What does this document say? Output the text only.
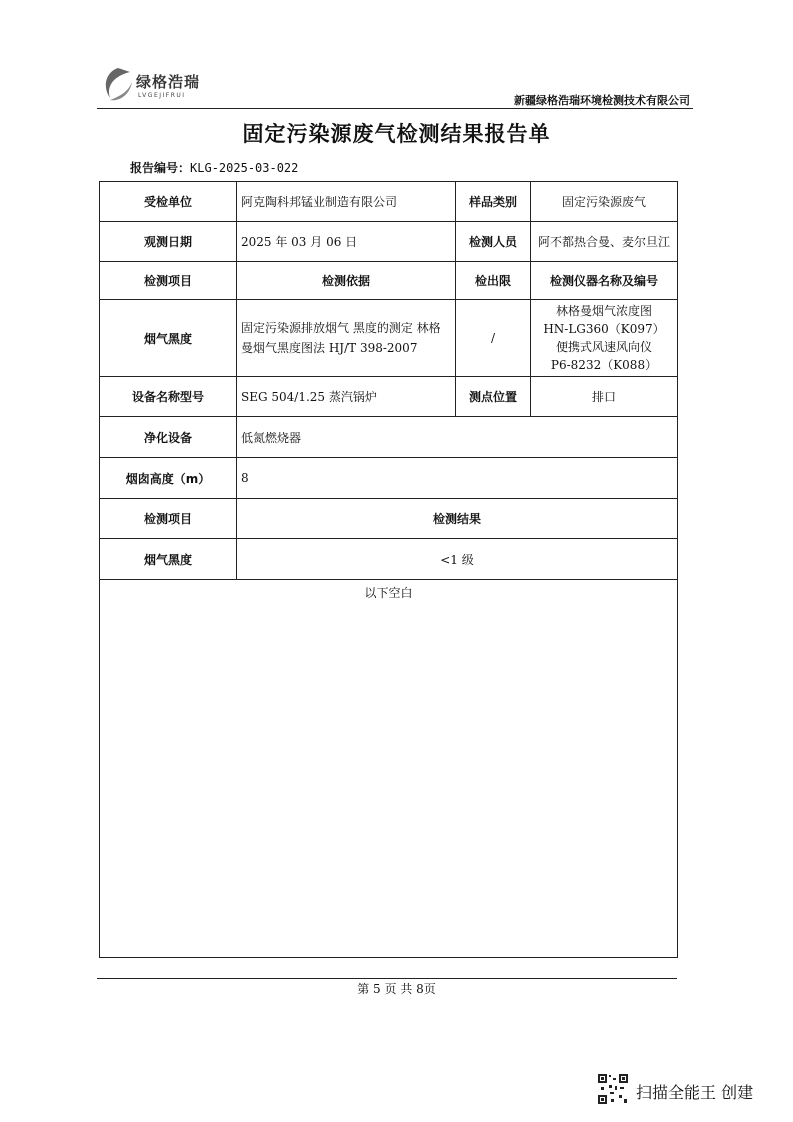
绿格浩瑞
LVGEJIFRUI	新疆绿格浩瑞环境检测技术有限公司
固定污染源废气检测结果报告单
报告编号：KLG-2025-03-022
受检单位	阿克陶科邦锰业制造有限公司	样品类别	固定污染源废气
观测日期	2025 年 03 月 06 日	检测人员	阿不都热合曼、麦尔旦江
检测项目	检测依据	检出限	检测仪器名称及编号
烟气黑度	固定污染源排放烟气 黑度的测定 林格曼烟气黑度图法 HJ/T 398-2007	/	林格曼烟气浓度图
HN-LG360（K097）
便携式风速风向仪
P6-8232（K088）

设备名称型号	SEG 504/1.25 蒸汽锅炉	测点位置	排口
净化设备	低氮燃烧器		
烟囱高度（m）	8		
检测项目	检测结果		
烟气黑度	<1 级		
以下空白			
第 5 页 共 8页
扫描全能王 创建
